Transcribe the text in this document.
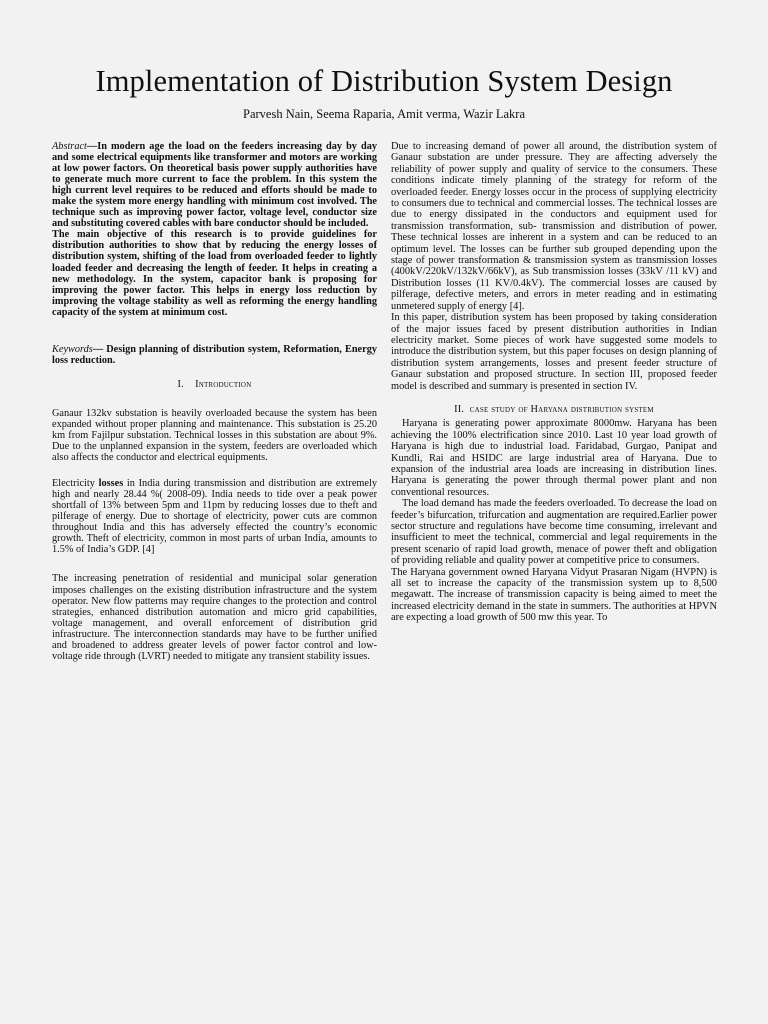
Implementation of Distribution System Design
Parvesh Nain, Seema Raparia, Amit verma, Wazir Lakra

Abstract—In modern age the load on the feeders increasing day by day and some electrical equipments like transformer and motors are working at low power factors. On theoretical basis power supply authorities have to generate much more current to face the problem. In this system the high current level requires to be reduced and efforts should be made to make the system more energy handling with minimum cost involved. The technique such as improving power factor, voltage level, conductor size and substituting covered cables with bare conductor should be included.

The main objective of this research is to provide guidelines for distribution authorities to show that by reducing the energy losses of distribution system, shifting of the load from overloaded feeder to lightly loaded feeder and decreasing the length of feeder. It helps in creating a new methodology. In the system, capacitor bank is proposing for improving the power factor. This helps in energy loss reduction by improving the voltage stability as well as reforming the energy handling capacity of the system at minimum cost.

Keywords— Design planning of distribution system, Reformation, Energy loss reduction.

I. Introduction

Ganaur 132kv substation is heavily overloaded because the system has been expanded without proper planning and maintenance. This substation is 25.20 km from Fajilpur substation. Technical losses in this substation are about 9%. Due to the unplanned expansion in the system, feeders are overloaded which also affects the conductor and electrical equipments.

Electricity losses in India during transmission and distribution are extremely high and nearly 28.44 %( 2008-09). India needs to tide over a peak power shortfall of 13% between 5pm and 11pm by reducing losses due to theft and pilferage of energy. Due to shortage of electricity, power cuts are common throughout India and this has adversely effected the country’s economic growth. Theft of electricity, common in most parts of urban India, amounts to 1.5% of India’s GDP. [4]

The increasing penetration of residential and municipal solar generation imposes challenges on the existing distribution infrastructure and the system operator. New flow patterns may require changes to the protection and control strategies, enhanced distribution automation and micro grid capabilities, voltage management, and overall enforcement of distribution grid infrastructure. The interconnection standards may have to be further unified and broadened to address greater levels of power factor control and low-voltage ride through (LVRT) needed to mitigate any transient stability issues.

Due to increasing demand of power all around, the distribution system of Ganaur substation are under pressure. They are affecting adversely the reliability of power supply and quality of service to the consumers. These conditions indicate timely planning of the strategy for reform of the overloaded feeder. Energy losses occur in the process of supplying electricity to consumers due to technical and commercial losses. The technical losses are due to energy dissipated in the conductors and equipment used for transmission transformation, sub- transmission and distribution of power. These technical losses are inherent in a system and can be reduced to an optimum level. The losses can be further sub grouped depending upon the stage of power transformation & transmission system as transmission losses (400kV/220kV/132kV/66kV), as Sub transmission losses (33kV /11 kV) and Distribution losses (11 KV/0.4kV). The commercial losses are caused by pilferage, defective meters, and errors in meter reading and in estimating unmetered supply of energy [4].

In this paper, distribution system has been proposed by taking consideration of the major issues faced by present distribution authorities in Indian electricity market. Some pieces of work have suggested some models to introduce the distribution system, but this paper focuses on design planning of distribution system arrangements, losses and present feeder structure of Ganaur substation and proposed structure. In section III, proposed feeder model is described and summary is presented in section IV.

II. case study of Haryana distribution system

Haryana is generating power approximate 8000mw. Haryana has been achieving the 100% electrification since 2010. Last 10 year load growth of Haryana is high due to industrial load. Faridabad, Gurgao, Panipat and Kundli, Rai and HSIDC are large industrial area of Haryana. Due to expansion of the industrial area loads are increasing in distribution lines. Haryana is generating the power through thermal power plant and non conventional resources.

The load demand has made the feeders overloaded. To decrease the load on feeder’s bifurcation, trifurcation and augmentation are required.Earlier power sector structure and regulations have become time consuming, irrelevant and insufficient to meet the technical, commercial and legal requirements in the present scenario of rapid load growth, menace of power theft and obligation of providing reliable and quality power at competitive price to consumers.

The Haryana government owned Haryana Vidyut Prasaran Nigam (HVPN) is all set to increase the capacity of the transmission system up to 8,500 megawatt. The increase of transmission capacity is being aimed to meet the increased electricity demand in the state in summers. The authorities at HPVN are expecting a load growth of 500 mw this year. To
